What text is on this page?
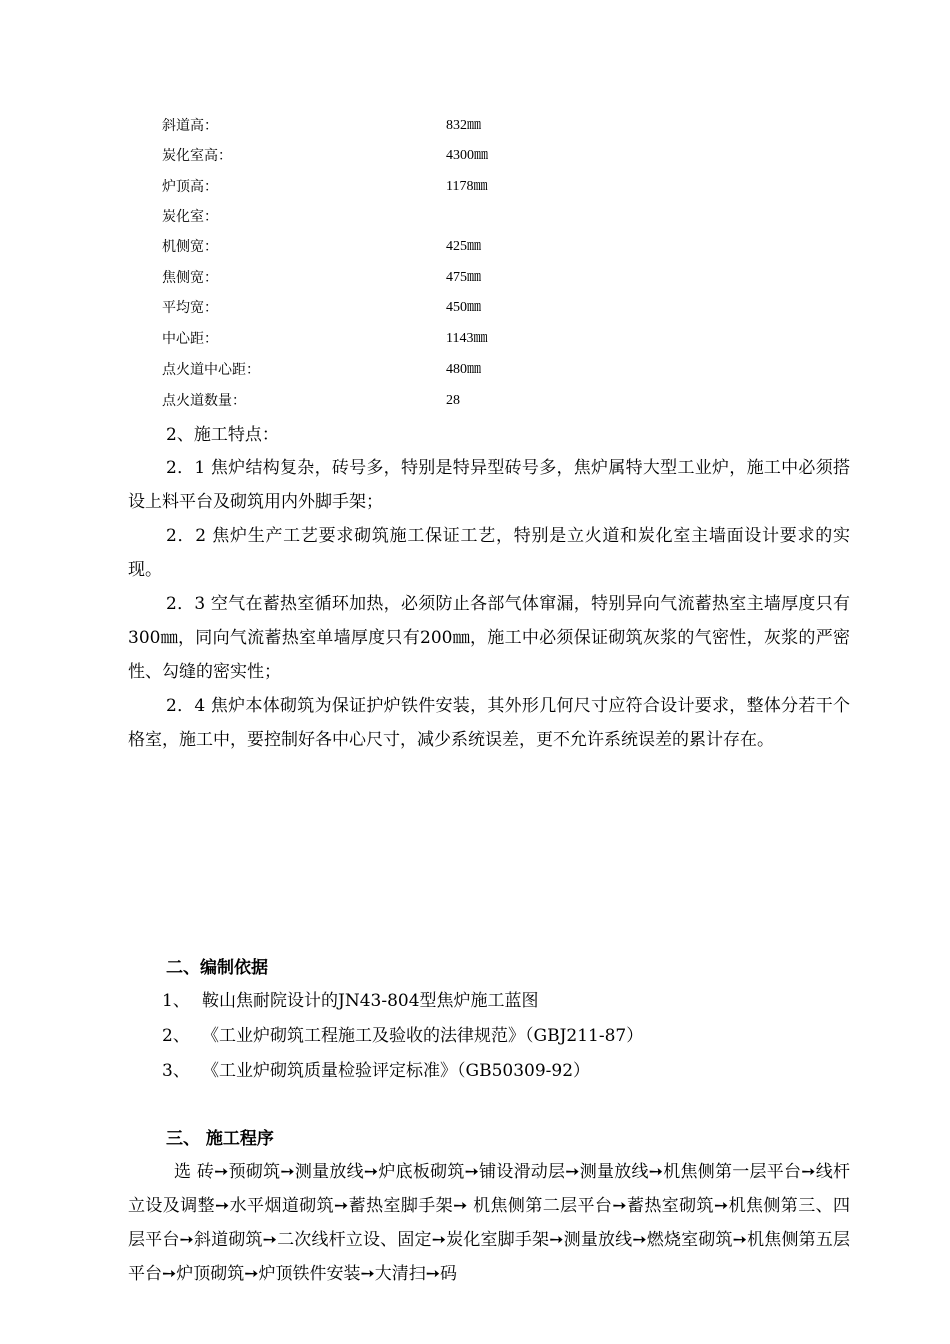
斜道高：	832㎜
炭化室高：	4300㎜
炉顶高：	1178㎜
炭化室：
机侧宽：	425㎜
焦侧宽：	475㎜
平均宽：	450㎜
中心距：	1143㎜
点火道中心距：	480㎜
点火道数量：	28
2、施工特点：

2．1 焦炉结构复杂，砖号多，特别是特异型砖号多，焦炉属特大型工业炉，施工中必须搭设上料平台及砌筑用内外脚手架；

2．2 焦炉生产工艺要求砌筑施工保证工艺，特别是立火道和炭化室主墙面设计要求的实现。

2．3 空气在蓄热室循环加热，必须防止各部气体窜漏，特别异向气流蓄热室主墙厚度只有300㎜，同向气流蓄热室单墙厚度只有200㎜，施工中必须保证砌筑灰浆的气密性，灰浆的严密性、勾缝的密实性；

2．4 焦炉本体砌筑为保证护炉铁件安装，其外形几何尺寸应符合设计要求，整体分若干个格室，施工中，要控制好各中心尺寸，减少系统误差，更不允许系统误差的累计存在。

二、编制依据
1、 鞍山焦耐院设计的JN43-804型焦炉施工蓝图
2、 《工业炉砌筑工程施工及验收的法律规范》（GBJ211-87）
3、 《工业炉砌筑质量检验评定标准》（GB50309-92）
三、 施工程序

选 砖➙预砌筑➙测量放线➙炉底板砌筑➙铺设滑动层➙测量放线➙机焦侧第一层平台➙线杆立设及调整➙水平烟道砌筑➙蓄热室脚手架➙ 机焦侧第二层平台➙蓄热室砌筑➙机焦侧第三、四层平台➙斜道砌筑➙二次线杆立设、固定➙炭化室脚手架➙测量放线➙燃烧室砌筑➙机焦侧第五层平台➙炉顶砌筑➙炉顶铁件安装➙大清扫➙码
